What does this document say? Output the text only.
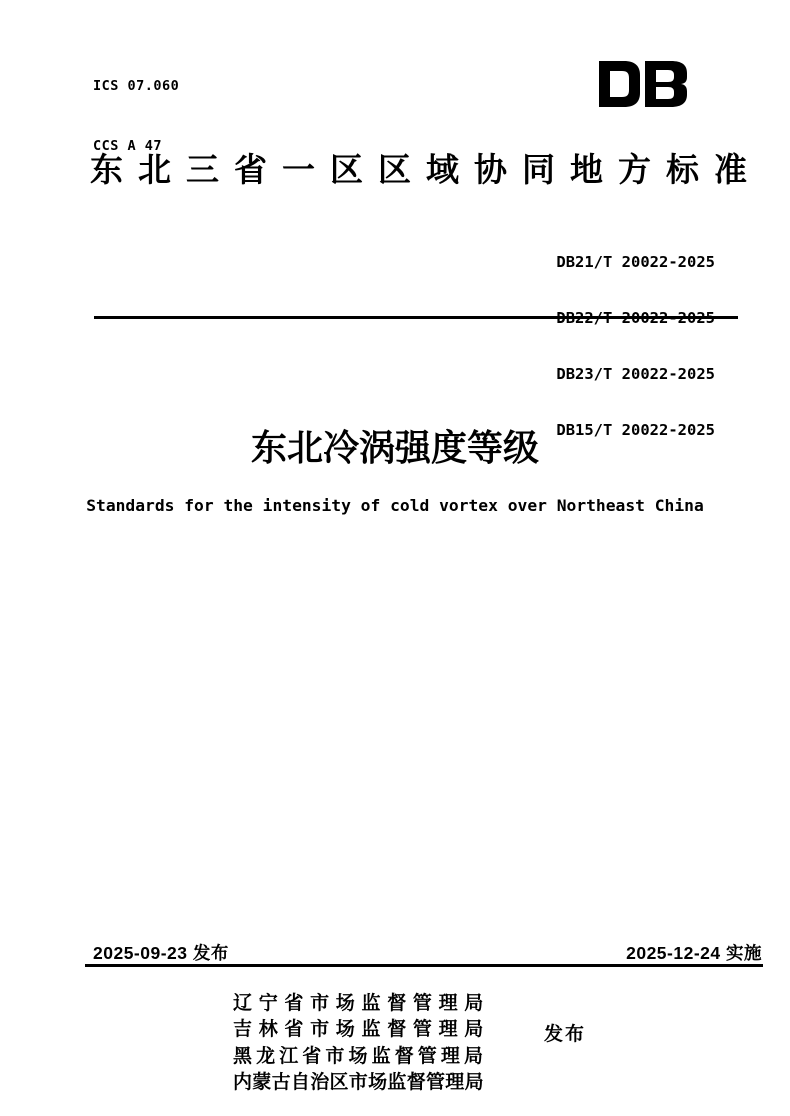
ICS 07.060

CCS A 47

东北三省一区区域协同地方标准

DB21/T 20022-2025

DB23/T 20022-2025

DB15/T 20022-2025

东北冷涡强度等级
Standards for the intensity of cold vortex over Northeast China
2025-09-23 发布	2025-12-24 实施
辽宁省市场监督管理局
吉林省市场监督管理局
黑龙江省市场监督管理局
内蒙古自治区市场监督管理局
发布
